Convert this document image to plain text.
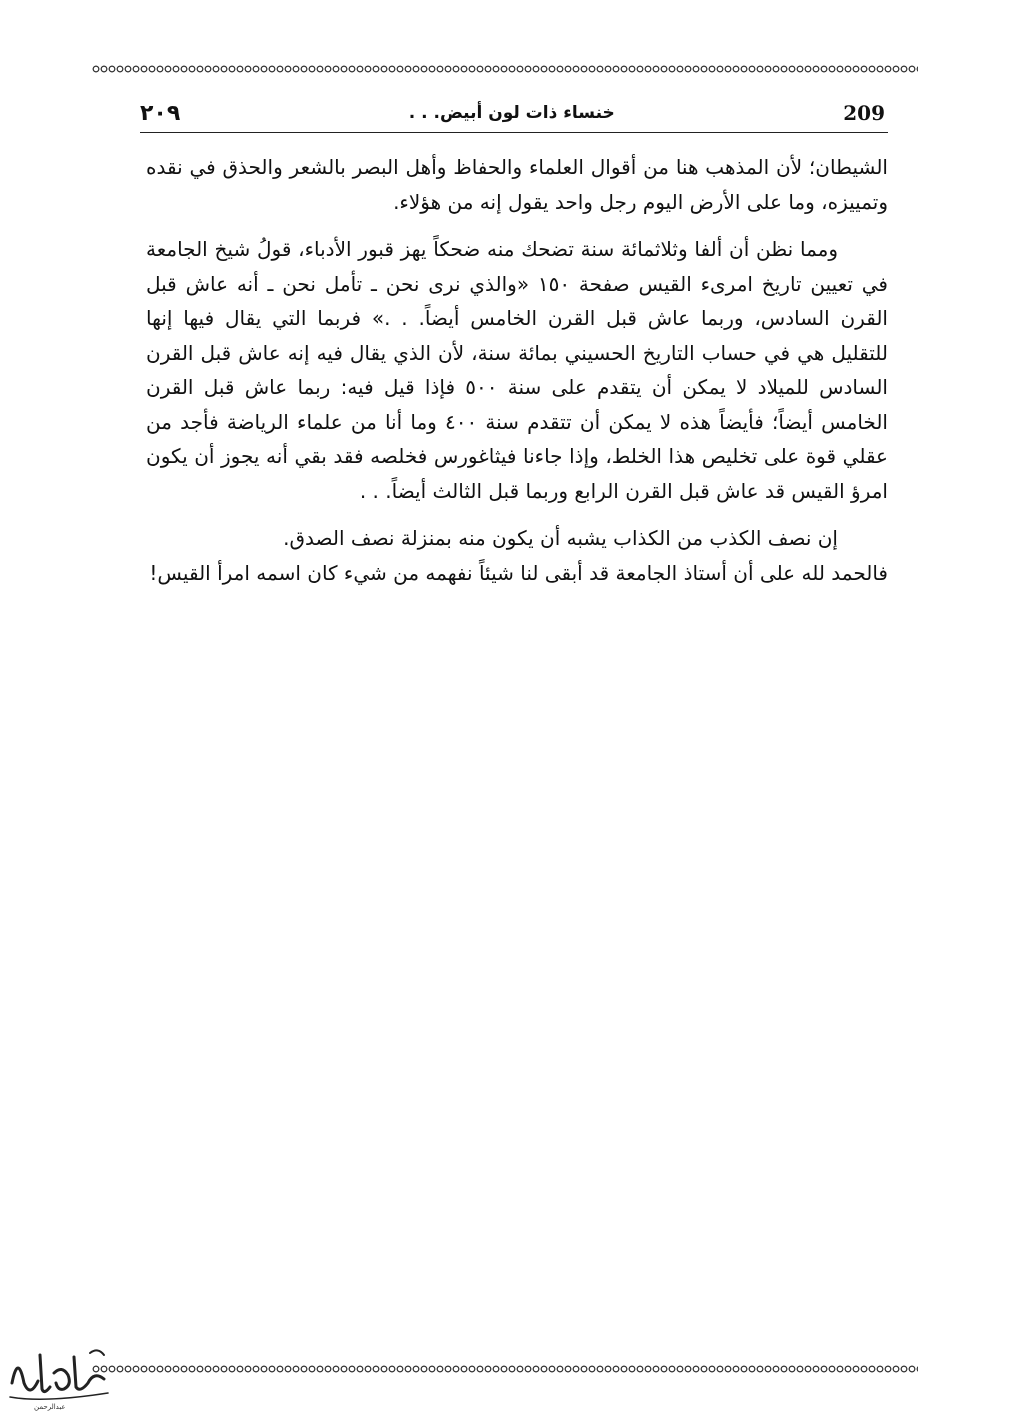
٢٠٩	خنساء ذات لون أبيض. . .	209

الشيطان؛ لأن المذهب هنا من أقوال العلماء والحفاظ وأهل البصر بالشعر والحذق في نقده وتمييزه، وما على الأرض اليوم رجل واحد يقول إنه من هؤلاء.

ومما نظن أن ألفا وثلاثمائة سنة تضحك منه ضحكاً يهز قبور الأدباء، قولُ شيخ الجامعة في تعيين تاريخ امرىء القيس صفحة ١٥٠ «والذي نرى نحن ـ تأمل نحن ـ أنه عاش قبل القرن السادس، وربما عاش قبل القرن الخامس أيضاً. . .» فربما التي يقال فيها إنها للتقليل هي في حساب التاريخ الحسيني بمائة سنة، لأن الذي يقال فيه إنه عاش قبل القرن السادس للميلاد لا يمكن أن يتقدم على سنة ٥٠٠ فإذا قيل فيه: ربما عاش قبل القرن الخامس أيضاً؛ فأيضاً هذه لا يمكن أن تتقدم سنة ٤٠٠ وما أنا من علماء الرياضة فأجد من عقلي قوة على تخليص هذا الخلط، وإذا جاءنا فيثاغورس فخلصه فقد بقي أنه يجوز أن يكون امرؤ القيس قد عاش قبل القرن الرابع وربما قبل الثالث أيضاً. . .

إن نصف الكذب من الكذاب يشبه أن يكون منه بمنزلة نصف الصدق.

فالحمد لله على أن أستاذ الجامعة قد أبقى لنا شيئاً نفهمه من شيء كان اسمه امرأ القيس!

عبدالرحمن
